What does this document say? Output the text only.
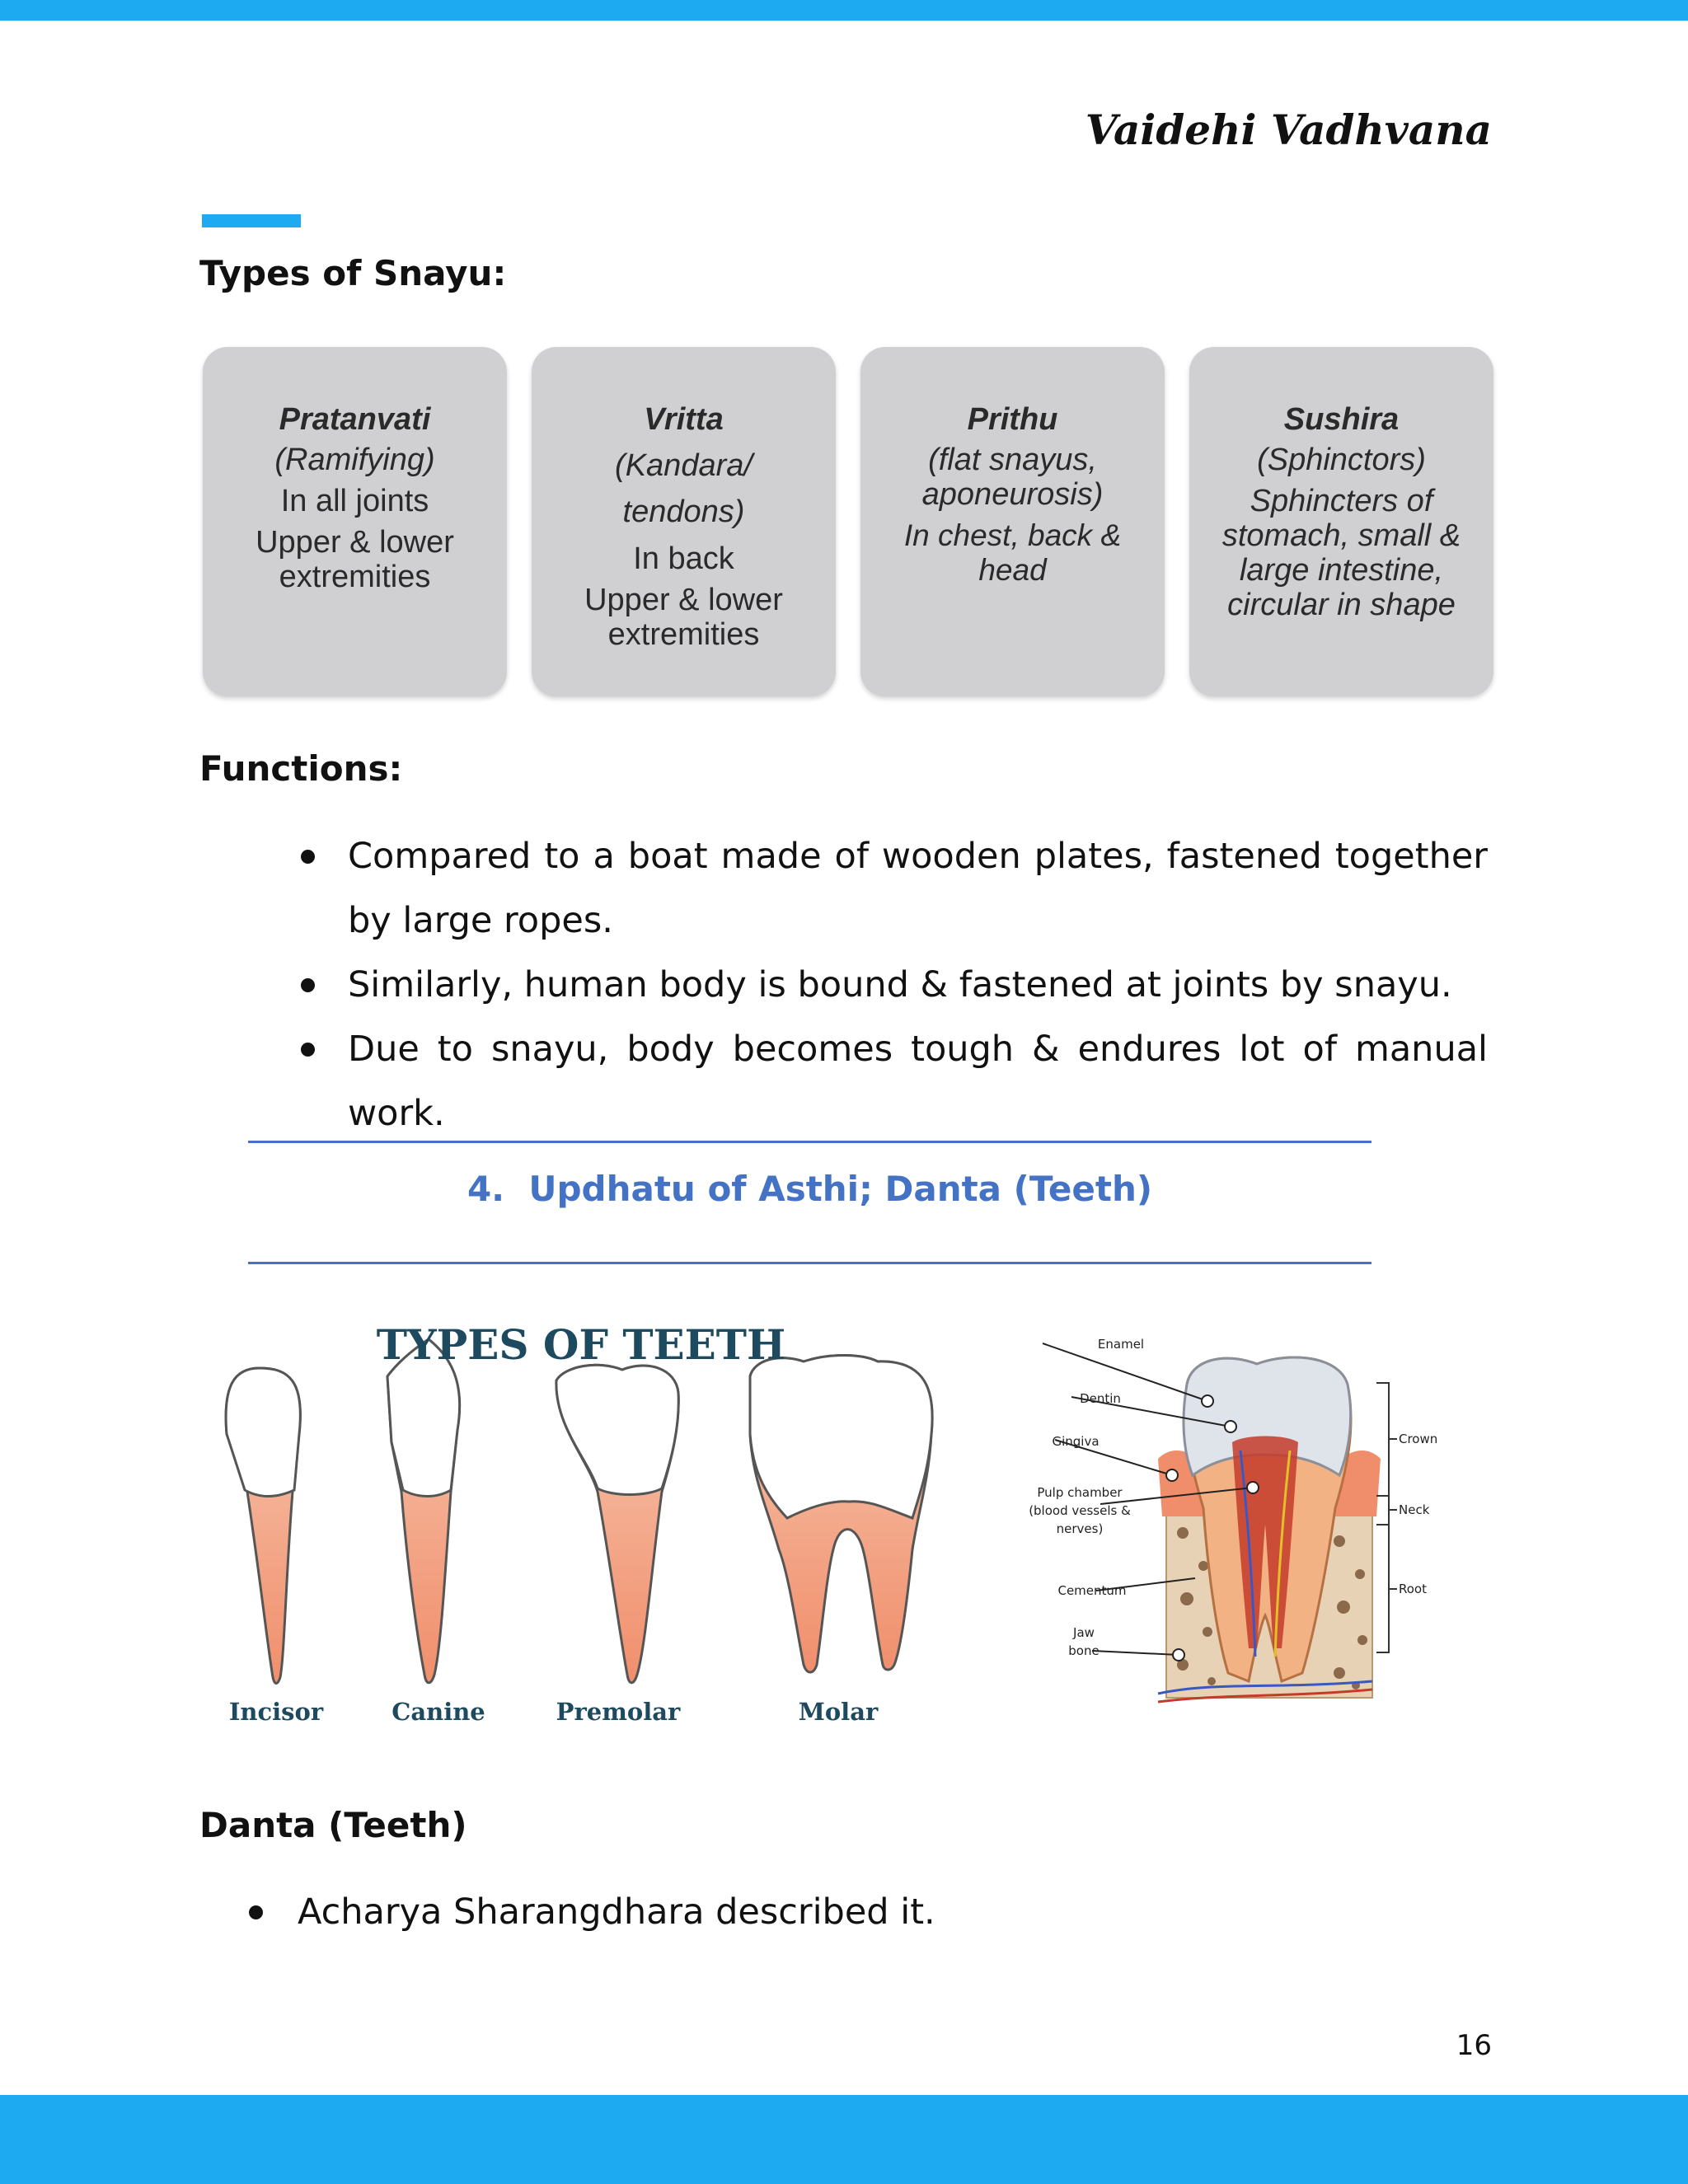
Vaidehi Vadhvana
Types of Snayu:
Pratanvati
(Ramifying)
In all joints
Upper & lower extremities
Vritta
(Kandara/ tendons)
In back
Upper & lower extremities
Prithu
(flat snayus, aponeurosis)
In chest, back & head
Sushira
(Sphinctors)
Sphincters of stomach, small & large intestine, circular in shape
Functions:
Compared to a boat made of wooden plates, fastened together by large ropes.
Similarly, human body is bound & fastened at joints by snayu.
Due to snayu, body becomes tough & endures lot of manual work.
4. Updhatu of Asthi; Danta (Teeth)
TYPES OF TEETH
Incisor	Canine	Premolar	Molar
Enamel
Dentin
Gingiva
Pulp chamber (blood vessels & nerves)
Cementum
Jaw bone
Crown
Neck
Root
Danta (Teeth)
Acharya Sharangdhara described it.
16
